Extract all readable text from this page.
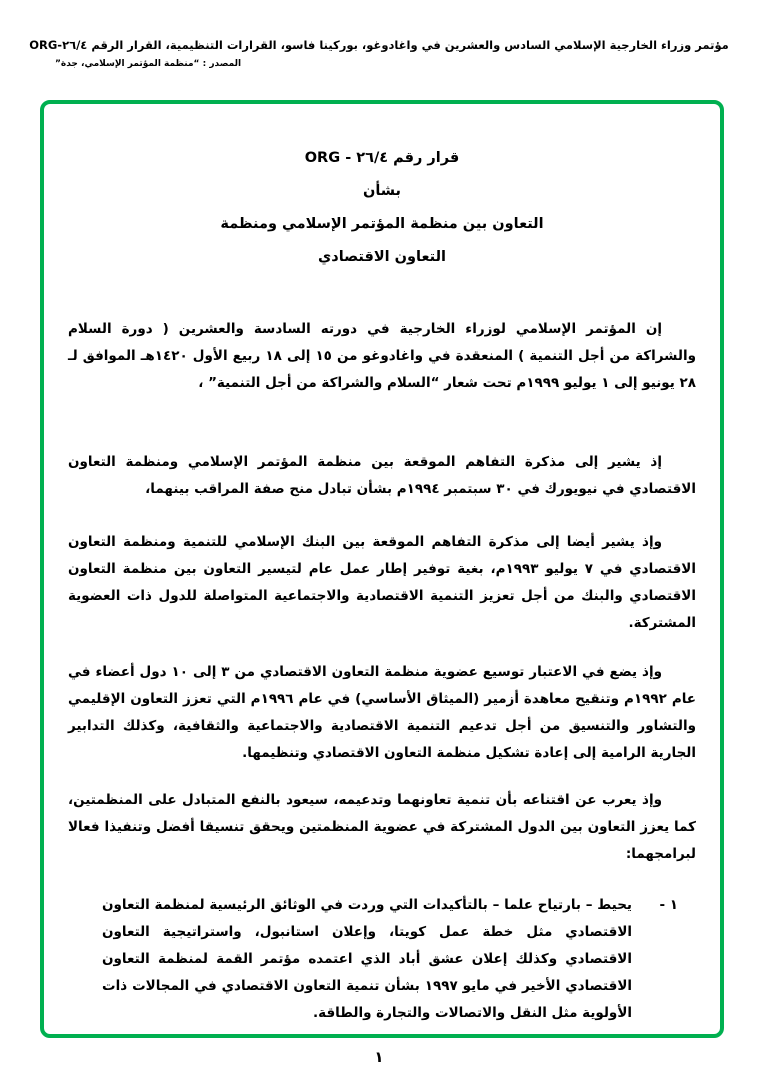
مؤتمر وزراء الخارجية الإسلامي السادس والعشرين في واغادوغو، بوركينا فاسو، القرارات التنظيمية، القرار الرقم ٢٦/٤-ORG
المصدر : “منظمة المؤتمر الإسلامي، جدة”
قرار رقم ٢٦/٤ - ORG
بشأن
التعاون بين منظمة المؤتمر الإسلامي ومنظمة
التعاون الاقتصادي

إن المؤتمر الإسلامي لوزراء الخارجية في دورته السادسة والعشرين ( دورة السلام والشراكة من أجل التنمية ) المنعقدة في واغادوغو من ١٥ إلى ١٨ ربيع الأول ١٤٢٠هـ الموافق لـ ٢٨ يونيو إلى ١ يوليو ١٩٩٩م تحت شعار “السلام والشراكة من أجل التنمية” ،

إذ يشير إلى مذكرة التفاهم الموقعة بين منظمة المؤتمر الإسلامي ومنظمة التعاون الاقتصادي في نيويورك في ٣٠ سبتمبر ١٩٩٤م بشأن تبادل منح صفة المراقب بينهما،

وإذ يشير أيضا إلى مذكرة التفاهم الموقعة بين البنك الإسلامي للتنمية ومنظمة التعاون الاقتصادي في ٧ يوليو ١٩٩٣م، بغية توفير إطار عمل عام لتيسير التعاون بين منظمة التعاون الاقتصادي والبنك من أجل تعزيز التنمية الاقتصادية والاجتماعية المتواصلة للدول ذات العضوية المشتركة.

وإذ يضع في الاعتبار توسيع عضوية منظمة التعاون الاقتصادي من ٣ إلى ١٠ دول أعضاء في عام ١٩٩٢م وتنقيح معاهدة أزمير (الميثاق الأساسي) في عام ١٩٩٦م التي تعزز التعاون الإقليمي والتشاور والتنسيق من أجل تدعيم التنمية الاقتصادية والاجتماعية والثقافية، وكذلك التدابير الجارية الرامية إلى إعادة تشكيل منظمة التعاون الاقتصادي وتنظيمها.

وإذ يعرب عن اقتناعه بأن تنمية تعاونهما وتدعيمه، سيعود بالنفع المتبادل على المنظمتين، كما يعزز التعاون بين الدول المشتركة في عضوية المنظمتين ويحقق تنسيقا أفضل وتنفيذا فعالا لبرامجهما:

١ -
يحيط – بارتياح علما – بالتأكيدات التي وردت في الوثائق الرئيسية لمنظمة التعاون الاقتصادي مثل خطة عمل كويتا، وإعلان استانبول، واستراتيجية التعاون الاقتصادي وكذلك إعلان عشق أباد الذي اعتمده مؤتمر القمة لمنظمة التعاون الاقتصادي الأخير في مايو ١٩٩٧ بشأن تنمية التعاون الاقتصادي في المجالات ذات الأولوية مثل النقل والاتصالات والتجارة والطاقة.
١
